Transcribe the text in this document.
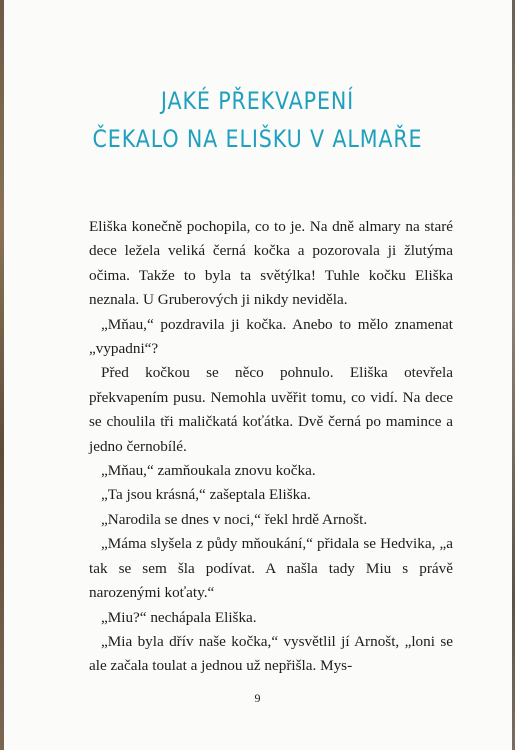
JAKÉ PŘEKVAPENÍ
ČEKALO NA ELIŠKU V ALMAŘE

Eliška konečně pochopila, co to je. Na dně almary na staré dece ležela veliká černá kočka a pozorovala ji žlutýma očima. Takže to byla ta světýlka! Tuhle kočku Eliška neznala. U Gruberových ji nikdy neviděla.

„Mňau,“ pozdravila ji kočka. Anebo to mělo znamenat „vypadni“?

Před kočkou se něco pohnulo. Eliška otevřela překvapením pusu. Nemohla uvěřit tomu, co vidí. Na dece se choulila tři maličkatá koťátka. Dvě černá po mamince a jedno černobílé.

„Mňau,“ zamňoukala znovu kočka.

„Ta jsou krásná,“ zašeptala Eliška.

„Narodila se dnes v noci,“ řekl hrdě Arnošt.

„Máma slyšela z půdy mňoukání,“ přidala se Hedvika, „a tak se sem šla podívat. A našla tady Miu s právě narozenými koťaty.“

„Miu?“ nechápala Eliška.

„Mia byla dřív naše kočka,“ vysvětlil jí Arnošt, „loni se ale začala toulat a jednou už nepřišla. Mys-

9
